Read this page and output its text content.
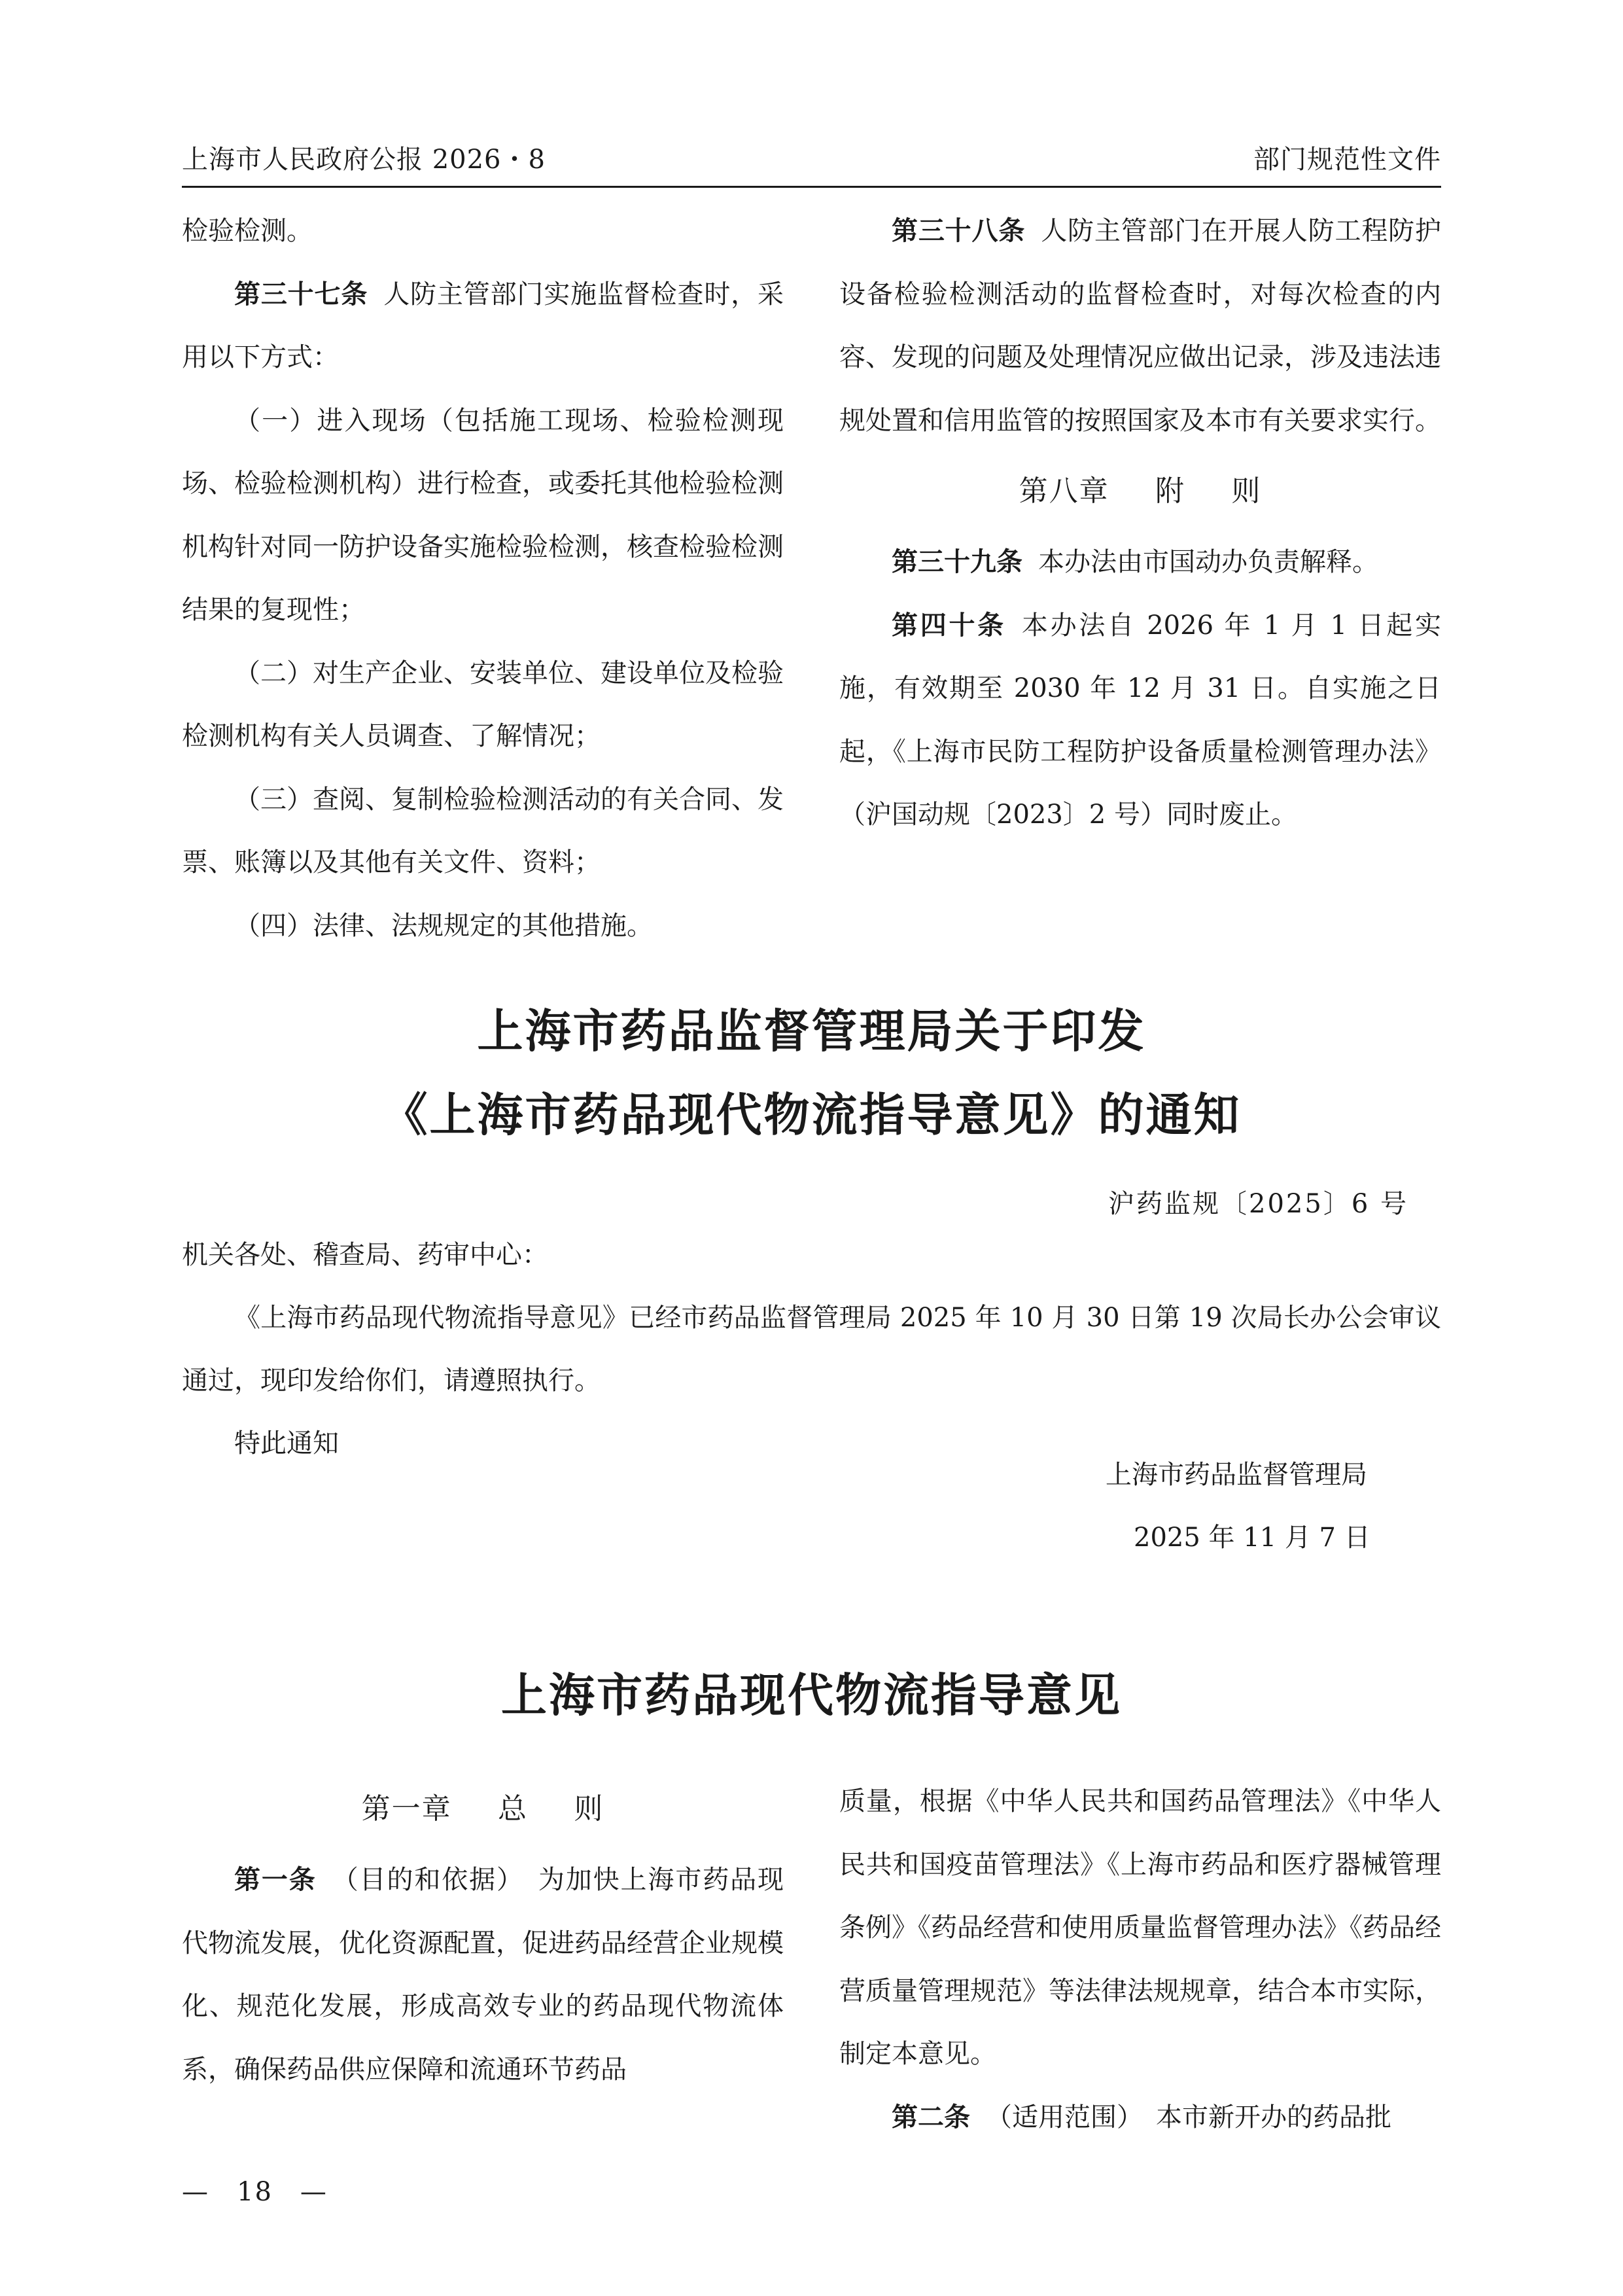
上海市人民政府公报 2026・8	部门规范性文件

检验检测。

第三十七条 人防主管部门实施监督检查时，采用以下方式：

（一）进入现场（包括施工现场、检验检测现场、检验检测机构）进行检查，或委托其他检验检测机构针对同一防护设备实施检验检测，核查检验检测结果的复现性；

（二）对生产企业、安装单位、建设单位及检验检测机构有关人员调查、了解情况；

（三）查阅、复制检验检测活动的有关合同、发票、账簿以及其他有关文件、资料；

（四）法律、法规规定的其他措施。

第三十八条 人防主管部门在开展人防工程防护设备检验检测活动的监督检查时，对每次检查的内容、发现的问题及处理情况应做出记录，涉及违法违规处置和信用监管的按照国家及本市有关要求实行。

第八章 附 则

第三十九条 本办法由市国动办负责解释。

第四十条 本办法自 2026 年 1 月 1 日起实施，有效期至 2030 年 12 月 31 日。自实施之日起，《上海市民防工程防护设备质量检测管理办法》（沪国动规〔2023〕2 号）同时废止。

上海市药品监督管理局关于印发
《上海市药品现代物流指导意见》的通知
沪药监规〔2025〕6 号

机关各处、稽查局、药审中心：

《上海市药品现代物流指导意见》已经市药品监督管理局 2025 年 10 月 30 日第 19 次局长办公会审议通过，现印发给你们，请遵照执行。

特此通知

上海市药品监督管理局
2025 年 11 月 7 日
上海市药品现代物流指导意见

第一章 总 则

第一条 （目的和依据）　为加快上海市药品现代物流发展，优化资源配置，促进药品经营企业规模化、规范化发展，形成高效专业的药品现代物流体系，确保药品供应保障和流通环节药品

质量，根据《中华人民共和国药品管理法》《中华人民共和国疫苗管理法》《上海市药品和医疗器械管理条例》《药品经营和使用质量监督管理办法》《药品经营质量管理规范》等法律法规规章，结合本市实际，制定本意见。

第二条 （适用范围）　本市新开办的药品批

—　18　—
